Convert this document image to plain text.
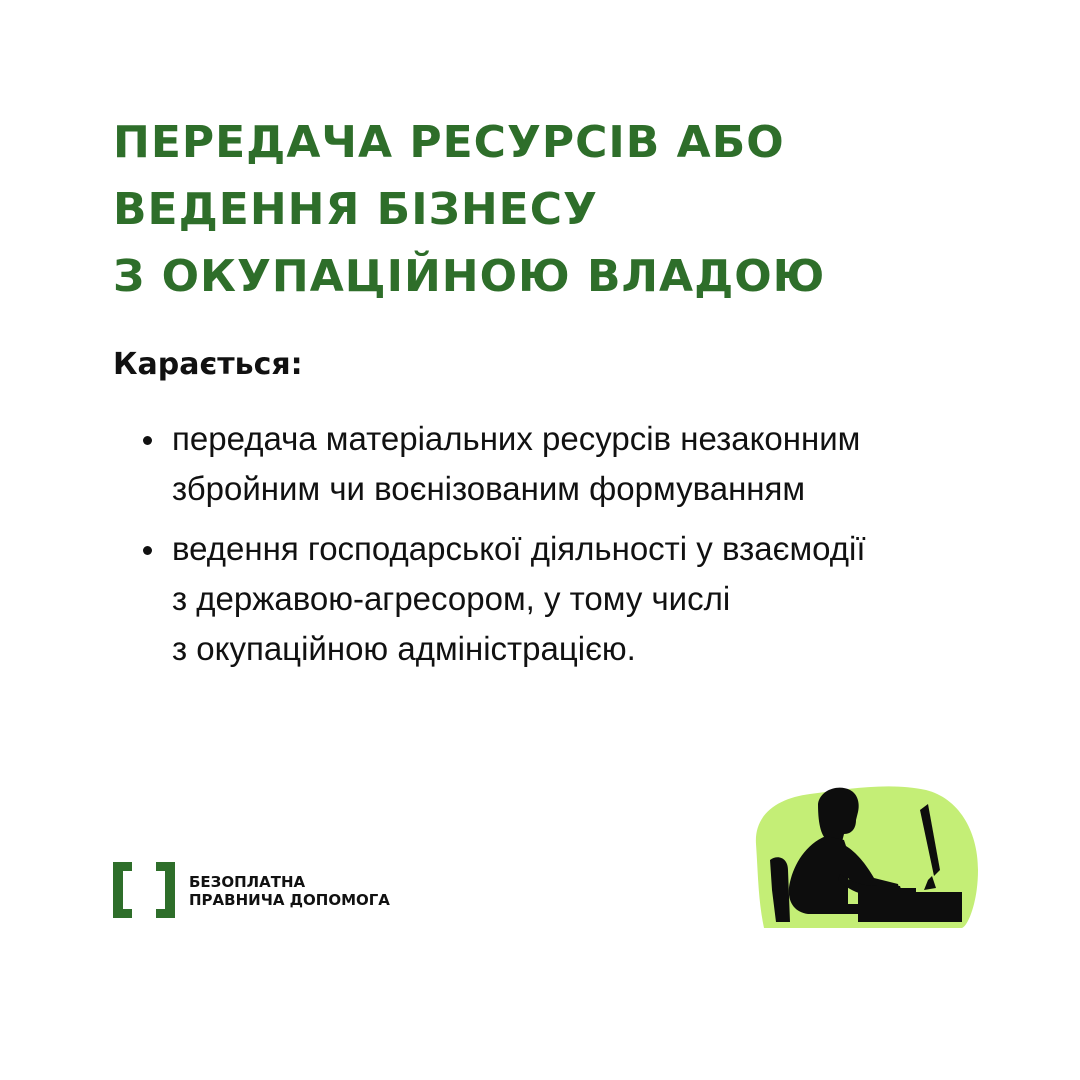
ПЕРЕДАЧА РЕСУРСІВ АБО
ВЕДЕННЯ БІЗНЕСУ
З ОКУПАЦІЙНОЮ ВЛАДОЮ

Карається:

передача матеріальних ресурсів незаконним
збройним чи воєнізованим формуванням
ведення господарської діяльності у взаємодії
з державою-агресором, у тому числі
з окупаційною адміністрацією.
БЕЗОПЛАТНА
ПРАВНИЧА ДОПОМОГА
